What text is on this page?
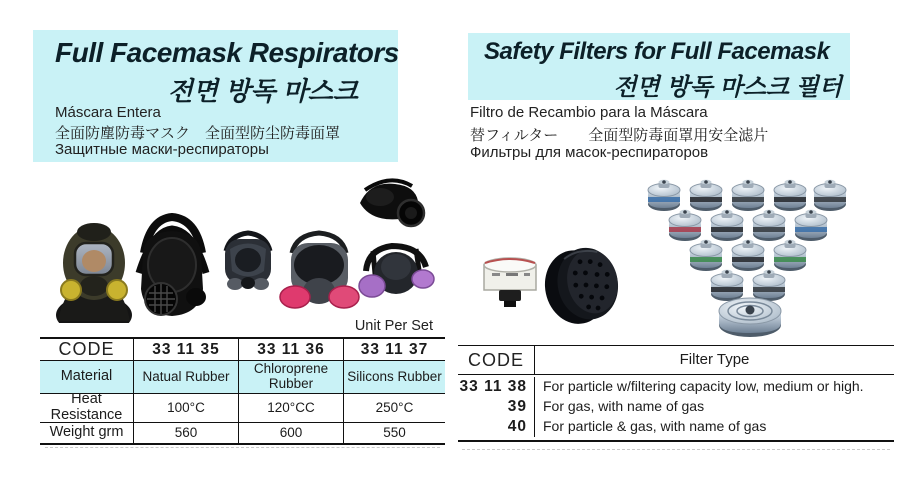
Full Facemask Respirators
전면 방독 마스크
Máscara Entera
全面防塵防毒マスク　全面型防尘防毒面罩
Защитные маски-респираторы
Unit Per Set
CODE	33 11 35	33 11 36	33 11 37
Material	Natual Rubber	Chloroprene Rubber	Silicons Rubber
Heat Resistance	100°C	120°CC	250°C
Weight grm	560	600	550
Safety Filters for Full Facemask
전면 방독 마스크 필터
Filtro de Recambio para la Máscara
替フィルター　　全面型防毒面罩用安全滤片
Фильтры для масок-респираторов
CODE	Filter Type
33 11 38	For particle w/filtering capacity low, medium or high.
39	For gas, with name of gas
40	For particle & gas, with name of gas
